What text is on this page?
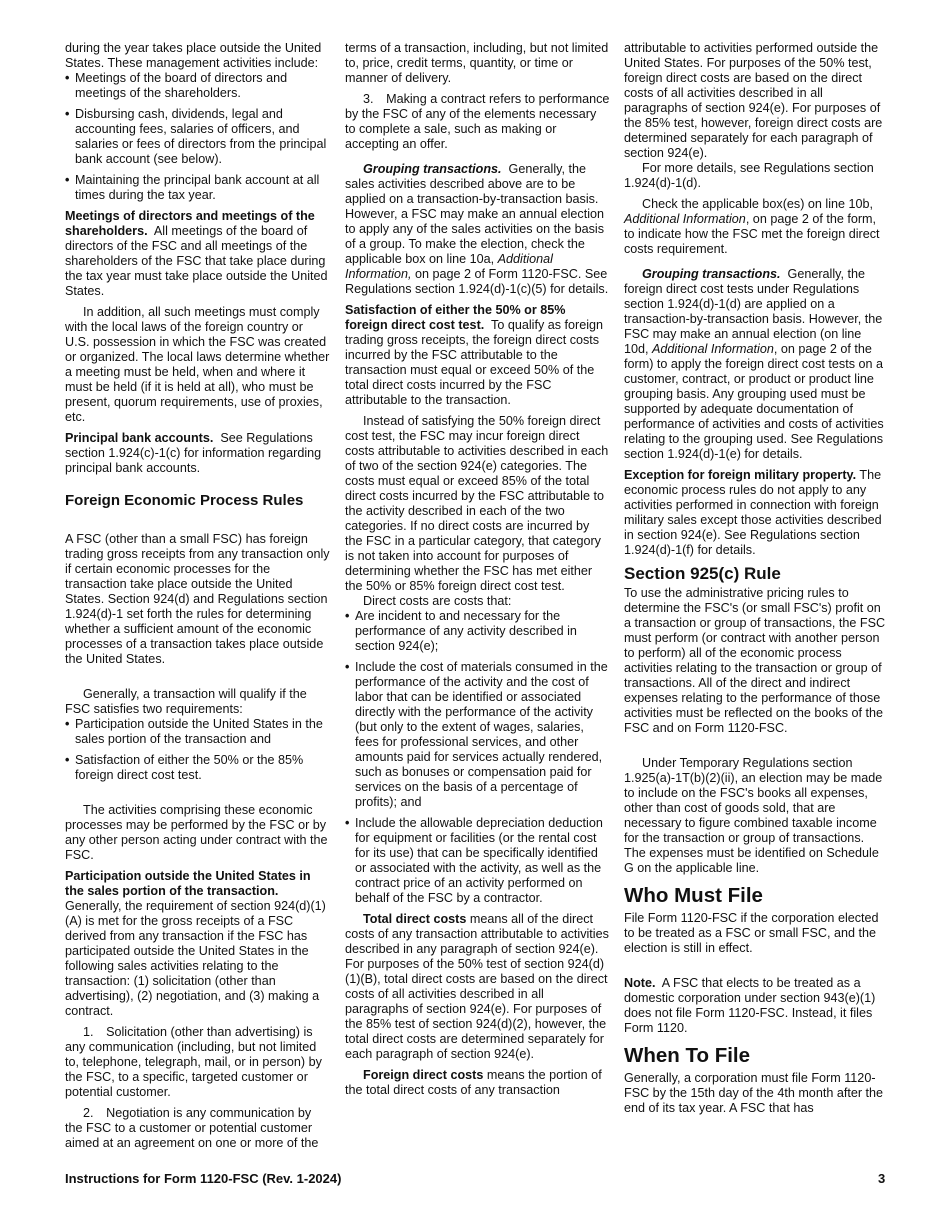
during the year takes place outside the United States. These management activities include:

• Meetings of the board of directors and meetings of the shareholders.

• Disbursing cash, dividends, legal and accounting fees, salaries of officers, and salaries or fees of directors from the principal bank account (see below).

• Maintaining the principal bank account at all times during the tax year.

Meetings of directors and meetings of the shareholders. All meetings of the board of directors of the FSC and all meetings of the shareholders of the FSC that take place during the tax year must take place outside the United States.

In addition, all such meetings must comply with the local laws of the foreign country or U.S. possession in which the FSC was created or organized. The local laws determine whether a meeting must be held, when and where it must be held (if it is held at all), who must be present, quorum requirements, use of proxies, etc.

Principal bank accounts. See Regulations section 1.924(c)-1(c) for information regarding principal bank accounts.

Foreign Economic Process Rules

A FSC (other than a small FSC) has foreign trading gross receipts from any transaction only if certain economic processes for the transaction take place outside the United States. Section 924(d) and Regulations section 1.924(d)-1 set forth the rules for determining whether a sufficient amount of the economic processes of a transaction takes place outside the United States.

Generally, a transaction will qualify if the FSC satisfies two requirements:

• Participation outside the United States in the sales portion of the transaction and

• Satisfaction of either the 50% or the 85% foreign direct cost test.

The activities comprising these economic processes may be performed by the FSC or by any other person acting under contract with the FSC.

Participation outside the United States in the sales portion of the transaction. Generally, the requirement of section 924(d)(1)(A) is met for the gross receipts of a FSC derived from any transaction if the FSC has participated outside the United States in the following sales activities relating to the transaction: (1) solicitation (other than advertising), (2) negotiation, and (3) making a contract.

1. Solicitation (other than advertising) is any communication (including, but not limited to, telephone, telegraph, mail, or in person) by the FSC, to a specific, targeted customer or potential customer.

2. Negotiation is any communication by the FSC to a customer or potential customer aimed at an agreement on one or more of the

terms of a transaction, including, but not limited to, price, credit terms, quantity, or time or manner of delivery.

3. Making a contract refers to performance by the FSC of any of the elements necessary to complete a sale, such as making or accepting an offer.

Grouping transactions. Generally, the sales activities described above are to be applied on a transaction-by-transaction basis. However, a FSC may make an annual election to apply any of the sales activities on the basis of a group. To make the election, check the applicable box on line 10a, Additional Information, on page 2 of Form 1120-FSC. See Regulations section 1.924(d)-1(c)(5) for details.

Satisfaction of either the 50% or 85% foreign direct cost test. To qualify as foreign trading gross receipts, the foreign direct costs incurred by the FSC attributable to the transaction must equal or exceed 50% of the total direct costs incurred by the FSC attributable to the transaction.

Instead of satisfying the 50% foreign direct cost test, the FSC may incur foreign direct costs attributable to activities described in each of two of the section 924(e) categories. The costs must equal or exceed 85% of the total direct costs incurred by the FSC attributable to the activity described in each of the two categories. If no direct costs are incurred by the FSC in a particular category, that category is not taken into account for purposes of determining whether the FSC has met either the 50% or 85% foreign direct cost test.

Direct costs are costs that:

• Are incident to and necessary for the performance of any activity described in section 924(e);

• Include the cost of materials consumed in the performance of the activity and the cost of labor that can be identified or associated directly with the performance of the activity (but only to the extent of wages, salaries, fees for professional services, and other amounts paid for services actually rendered, such as bonuses or compensation paid for services on the basis of a percentage of profits); and

• Include the allowable depreciation deduction for equipment or facilities (or the rental cost for its use) that can be specifically identified or associated with the activity, as well as the contract price of an activity performed on behalf of the FSC by a contractor.

Total direct costs means all of the direct costs of any transaction attributable to activities described in any paragraph of section 924(e). For purposes of the 50% test of section 924(d)(1)(B), total direct costs are based on the direct costs of all activities described in all paragraphs of section 924(e). For purposes of the 85% test of section 924(d)(2), however, the total direct costs are determined separately for each paragraph of section 924(e).

Foreign direct costs means the portion of the total direct costs of any transaction

attributable to activities performed outside the United States. For purposes of the 50% test, foreign direct costs are based on the direct costs of all activities described in all paragraphs of section 924(e). For purposes of the 85% test, however, foreign direct costs are determined separately for each paragraph of section 924(e).

For more details, see Regulations section 1.924(d)-1(d).

Check the applicable box(es) on line 10b, Additional Information, on page 2 of the form, to indicate how the FSC met the foreign direct costs requirement.

Grouping transactions. Generally, the foreign direct cost tests under Regulations section 1.924(d)-1(d) are applied on a transaction-by-transaction basis. However, the FSC may make an annual election (on line 10d, Additional Information, on page 2 of the form) to apply the foreign direct cost tests on a customer, contract, or product or product line grouping basis. Any grouping used must be supported by adequate documentation of performance of activities and costs of activities relating to the grouping used. See Regulations section 1.924(d)-1(e) for details.

Exception for foreign military property. The economic process rules do not apply to any activities performed in connection with foreign military sales except those activities described in section 924(e). See Regulations section 1.924(d)-1(f) for details.

Section 925(c) Rule

To use the administrative pricing rules to determine the FSC's (or small FSC's) profit on a transaction or group of transactions, the FSC must perform (or contract with another person to perform) all of the economic process activities relating to the transaction or group of transactions. All of the direct and indirect expenses relating to the performance of those activities must be reflected on the books of the FSC and on Form 1120-FSC.

Under Temporary Regulations section 1.925(a)-1T(b)(2)(ii), an election may be made to include on the FSC's books all expenses, other than cost of goods sold, that are necessary to figure combined taxable income for the transaction or group of transactions. The expenses must be identified on Schedule G on the applicable line.

Who Must File

File Form 1120-FSC if the corporation elected to be treated as a FSC or small FSC, and the election is still in effect.

Note. A FSC that elects to be treated as a domestic corporation under section 943(e)(1) does not file Form 1120-FSC. Instead, it files Form 1120.

When To File

Generally, a corporation must file Form 1120-FSC by the 15th day of the 4th month after the end of its tax year. A FSC that has

Instructions for Form 1120-FSC (Rev. 1-2024)	3
